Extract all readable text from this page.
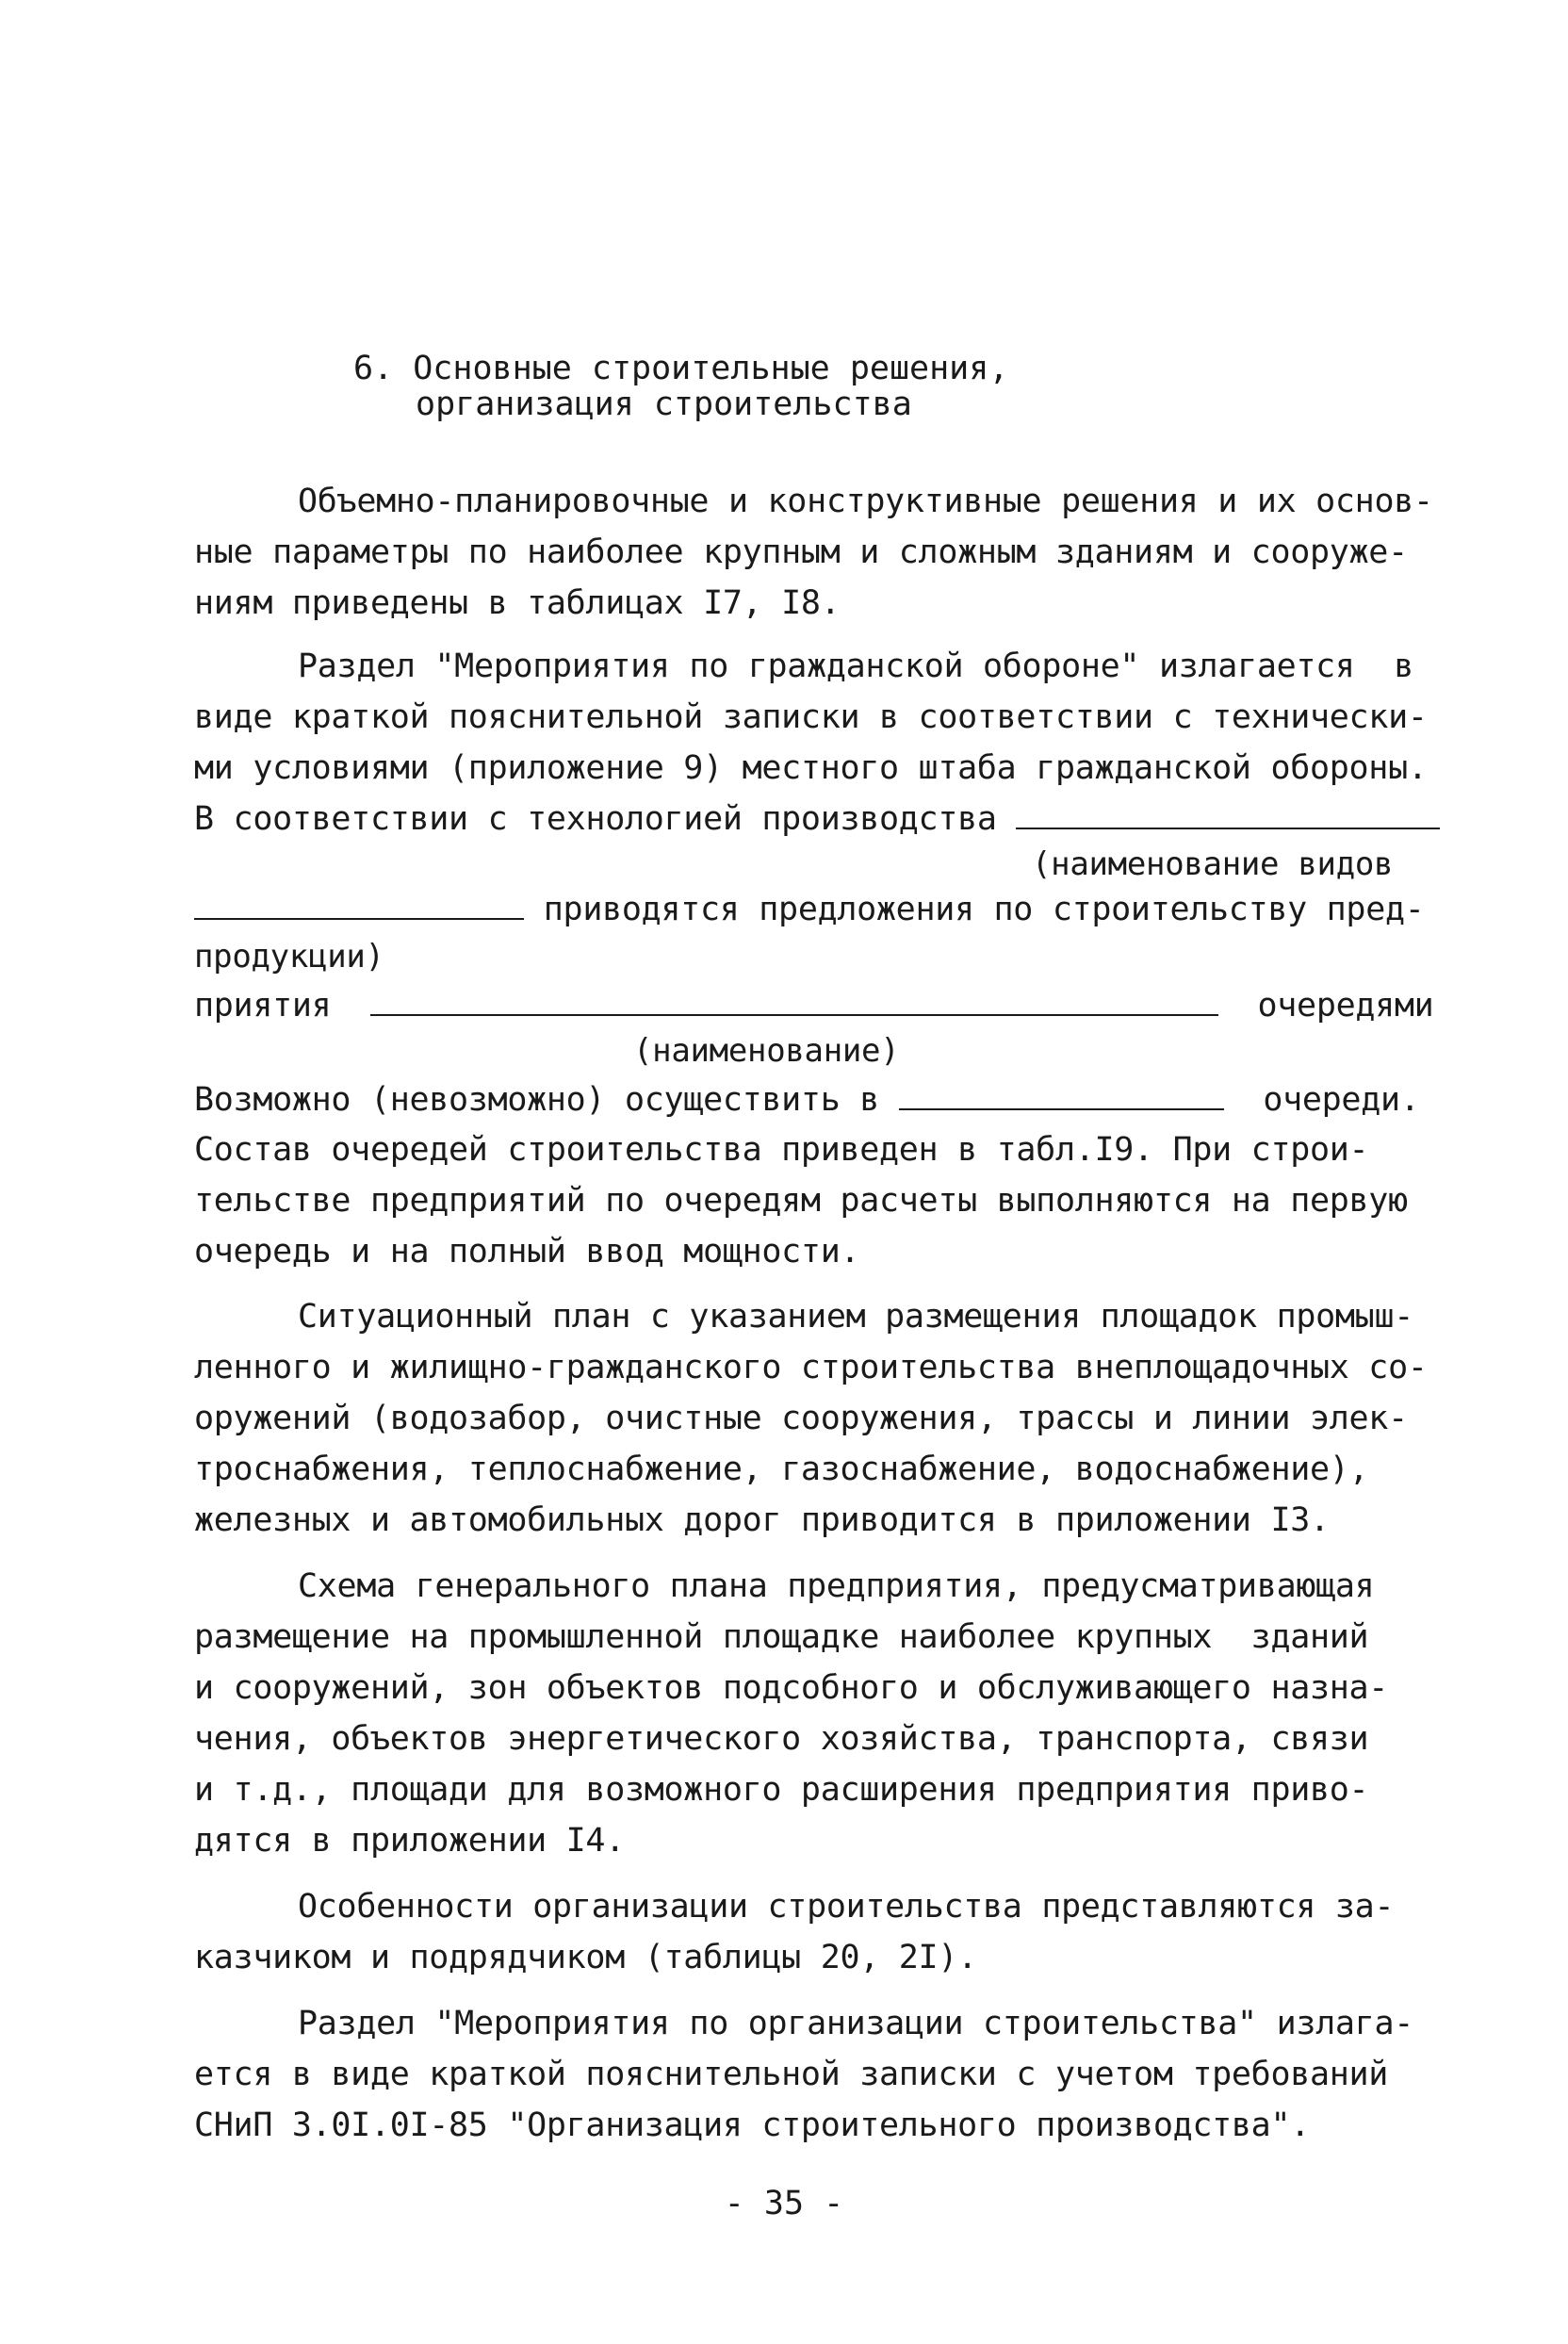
6. Основные строительные решения,
организация строительства
Объемно-планировочные и конструктивные решения и их основ-
ные параметры по наиболее крупным и сложным зданиям и сооруже-
ниям приведены в таблицах I7, I8.
Раздел "Мероприятия по гражданской обороне" излагается  в
виде краткой пояснительной записки в соответствии с технически-
ми условиями (приложение 9) местного штаба гражданской обороны.
В соответствии с технологией производства
(наименование видов
приводятся предложения по строительству пред-
продукции)
приятия	очередями
(наименование)
Возможно (невозможно) осуществить в	очереди.
Состав очередей строительства приведен в табл.I9. При строи-
тельстве предприятий по очередям расчеты выполняются на первую
очередь и на полный ввод мощности.
Ситуационный план с указанием размещения площадок промыш-
ленного и жилищно-гражданского строительства внеплощадочных со-
оружений (водозабор, очистные сооружения, трассы и линии элек-
троснабжения, теплоснабжение, газоснабжение, водоснабжение),
железных и автомобильных дорог приводится в приложении I3.
Схема генерального плана предприятия, предусматривающая
размещение на промышленной площадке наиболее крупных  зданий
и сооружений, зон объектов подсобного и обслуживающего назна-
чения, объектов энергетического хозяйства, транспорта, связи
и т.д., площади для возможного расширения предприятия приво-
дятся в приложении I4.
Особенности организации строительства представляются за-
казчиком и подрядчиком (таблицы 20, 2I).
Раздел "Мероприятия по организации строительства" излага-
ется в виде краткой пояснительной записки с учетом требований
СНиП 3.0I.0I-85 "Организация строительного производства".
- 35 -
